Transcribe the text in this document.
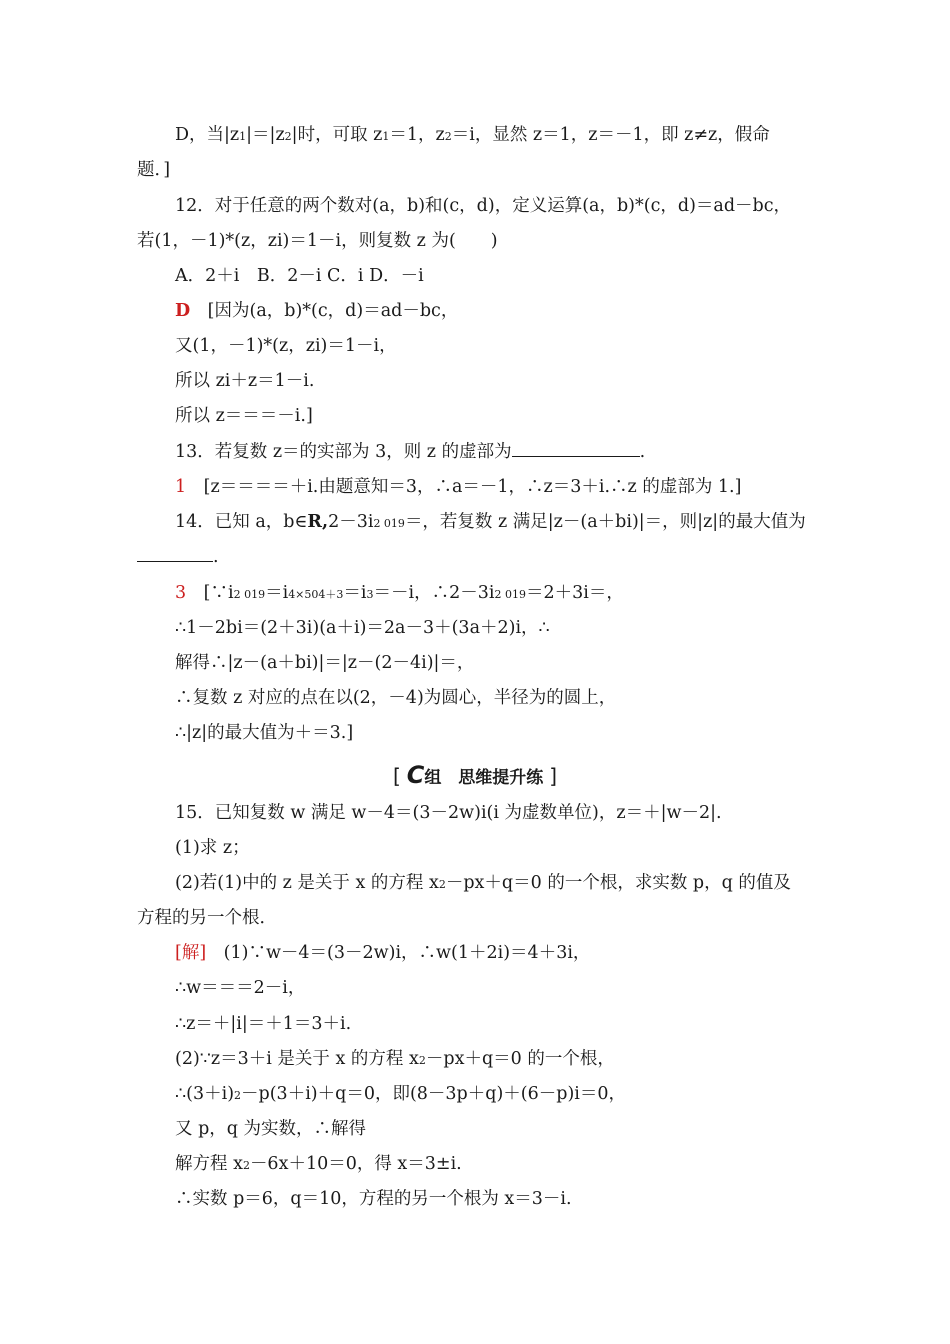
D，当|z1|＝|z2|时，可取 z1＝1，z2＝i，显然 z＝1，z＝－1，即 z≠z，假命
题．]
12．对于任意的两个数对(a，b)和(c，d)，定义运算(a，b)*(c，d)＝ad－bc，
若(1，－1)*(z，zi)＝1－i，则复数 z 为(　　)
A．2＋i　B．2－i C．i D．－i
D　[因为(a，b)*(c，d)＝ad－bc，
又(1，－1)*(z，zi)＝1－i，
所以 zi＋z＝1－i.
所以 z＝＝＝－i.]
13．若复数 z＝的实部为 3，则 z 的虚部为	.
1　[z＝＝＝＝＋i.由题意知＝3，∴a＝－1，∴z＝3＋i.∴z 的虚部为 1.]
14．已知 a，b∈R,2－3i2 019＝，若复数 z 满足|z－(a＋bi)|＝，则|z|的最大值为
.
3　[∵i2 019＝i4×504＋3＝i3＝－i，∴2－3i2 019＝2＋3i＝，
∴1－2bi＝(2＋3i)(a＋i)＝2a－3＋(3a＋2)i，∴
解得∴|z－(a＋bi)|＝|z－(2－4i)|＝，
∴复数 z 对应的点在以(2，－4)为圆心，半径为的圆上，
∴|z|的最大值为＋＝3.]
[ C组　思维提升练 ]
15．已知复数 w 满足 w－4＝(3－2w)i(i 为虚数单位)，z＝＋|w－2|.
(1)求 z；
(2)若(1)中的 z 是关于 x 的方程 x2－px＋q＝0 的一个根，求实数 p，q 的值及
方程的另一个根．
[解]　(1)∵w－4＝(3－2w)i，∴w(1＋2i)＝4＋3i，
∴w＝＝＝2－i，
∴z＝＋|i|＝＋1＝3＋i.
(2)∵z＝3＋i 是关于 x 的方程 x2－px＋q＝0 的一个根，
∴(3＋i)2－p(3＋i)＋q＝0，即(8－3p＋q)＋(6－p)i＝0，
又 p，q 为实数，∴解得
解方程 x2－6x＋10＝0，得 x＝3±i.
∴实数 p＝6，q＝10，方程的另一个根为 x＝3－i.
